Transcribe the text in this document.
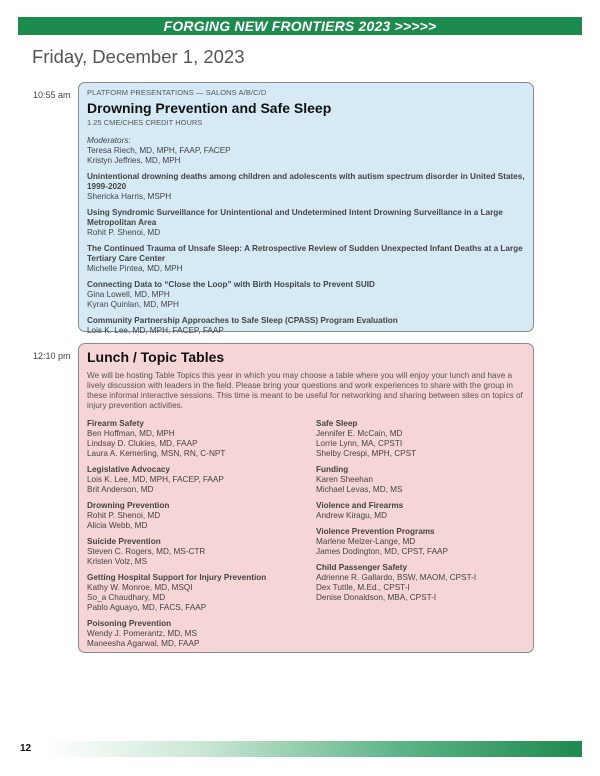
FORGING NEW FRONTIERS 2023 >>>>>
Friday, December 1, 2023
10:55 am PLATFORM PRESENTATIONS — SALONS A/B/C/D
Drowning Prevention and Safe Sleep
1.25 CME/CHES CREDIT HOURS
Moderators:
Teresa Riech, MD, MPH, FAAP, FACEP
Kristyn Jeffries, MD, MPH
Unintentional drowning deaths among children and adolescents with autism spectrum disorder in United States, 1999-2020
Shericka Harris, MSPH
Using Syndromic Surveillance for Unintentional and Undetermined Intent Drowning Surveillance in a Large Metropolitan Area
Rohit P. Shenoi, MD
The Continued Trauma of Unsafe Sleep: A Retrospective Review of Sudden Unexpected Infant Deaths at a Large Tertiary Care Center
Michelle Pintea, MD, MPH
Connecting Data to “Close the Loop” with Birth Hospitals to Prevent SUID
Gina Lowell, MD, MPH
Kyran Quinlan, MD, MPH
Community Partnership Approaches to Safe Sleep (CPASS) Program Evaluation
Lois K. Lee, MD, MPH, FACEP, FAAP
12:10 pm Lunch / Topic Tables
We will be hosting Table Topics this year in which you may choose a table where you will enjoy your lunch and have a lively discussion with leaders in the field. Please bring your questions and work experiences to share with the group in these informal interactive sessions. This time is meant to be useful for networking and sharing between sites on topics of injury prevention activities.
Firearm Safety
Ben Hoffman, MD, MPH
Lindsay D. Clukies, MD, FAAP
Laura A. Kemerling, MSN, RN, C-NPT
Legislative Advocacy
Lois K. Lee, MD, MPH, FACEP, FAAP
Brit Anderson, MD
Drowning Prevention
Rohit P. Shenoi, MD
Alicia Webb, MD
Suicide Prevention
Steven C. Rogers, MD, MS-CTR
Kristen Volz, MS
Getting Hospital Support for Injury Prevention
Kathy W. Monroe, MD, MSQI
So_a Chaudhary, MD
Pablo Aguayo, MD, FACS, FAAP
Poisoning Prevention
Wendy J. Pomerantz, MD, MS
Maneesha Agarwal, MD, FAAP
Safe Sleep
Jennifer E. McCain, MD
Lorrie Lynn, MA, CPSTI
Shelby Crespi, MPH, CPST
Funding
Karen Sheehan
Michael Levas, MD, MS
Violence and Firearms
Andrew Kiragu, MD
Violence Prevention Programs
Marlene Melzer-Lange, MD
James Dodington, MD, CPST, FAAP
Child Passenger Safety
Adrienne R. Gallardo, BSW, MAOM, CPST-I
Dex Tuttle, M.Ed., CPST-I
Denise Donaldson, MBA, CPST-I
12
